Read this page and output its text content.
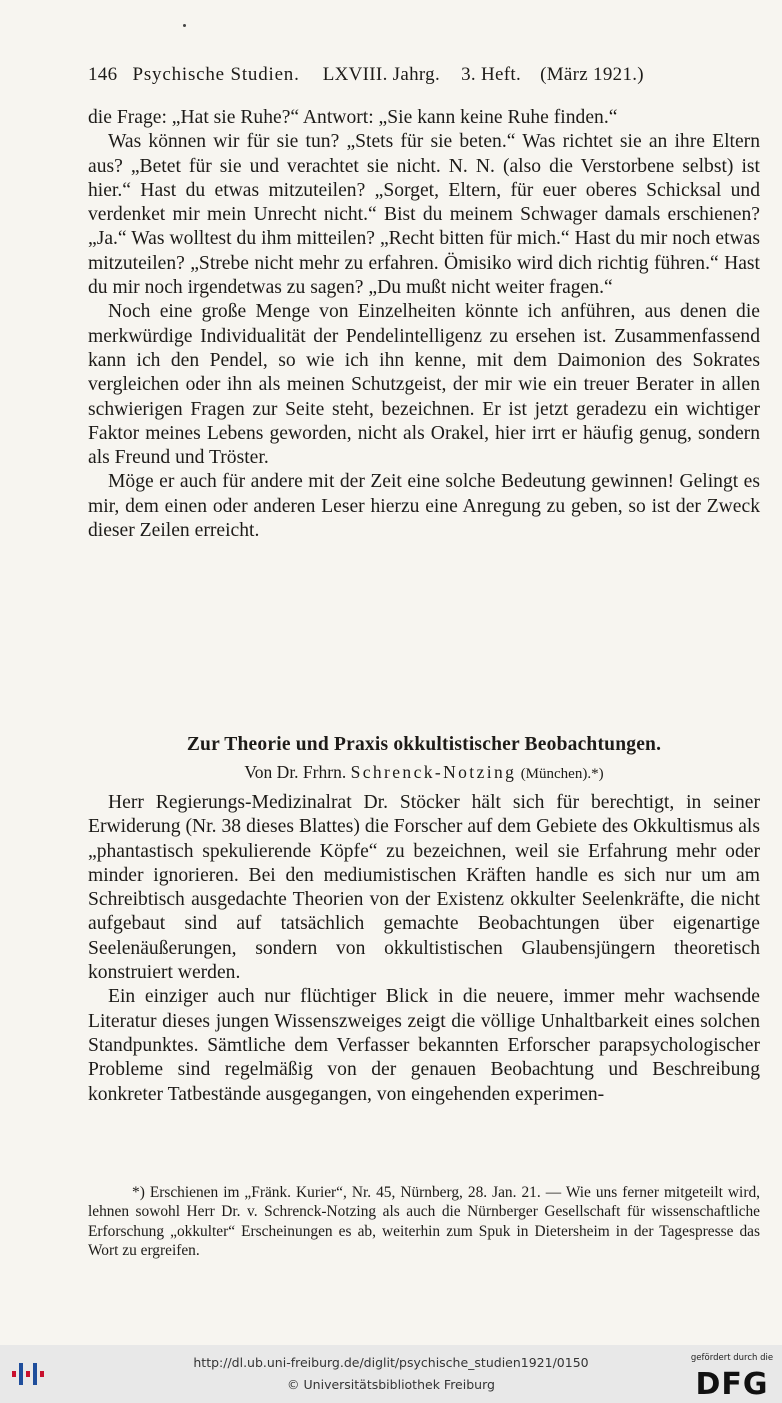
146 Psychische Studien. LXVIII. Jahrg. 3. Heft. (März 1921.)

die Frage: „Hat sie Ruhe?“ Antwort: „Sie kann keine Ruhe finden.“

Was können wir für sie tun? „Stets für sie beten.“ Was richtet sie an ihre Eltern aus? „Betet für sie und verachtet sie nicht. N. N. (also die Verstorbene selbst) ist hier.“ Hast du etwas mitzuteilen? „Sorget, Eltern, für euer oberes Schicksal und verdenket mir mein Unrecht nicht.“ Bist du meinem Schwager damals erschienen? „Ja.“ Was wolltest du ihm mitteilen? „Recht bitten für mich.“ Hast du mir noch etwas mitzuteilen? „Strebe nicht mehr zu erfahren. Ömisiko wird dich richtig führen.“ Hast du mir noch irgendetwas zu sagen? „Du mußt nicht weiter fragen.“

Noch eine große Menge von Einzelheiten könnte ich anführen, aus denen die merkwürdige Individualität der Pendelintelligenz zu ersehen ist. Zusammenfassend kann ich den Pendel, so wie ich ihn kenne, mit dem Daimonion des Sokrates vergleichen oder ihn als meinen Schutzgeist, der mir wie ein treuer Berater in allen schwierigen Fragen zur Seite steht, bezeichnen. Er ist jetzt geradezu ein wichtiger Faktor meines Lebens geworden, nicht als Orakel, hier irrt er häufig genug, sondern als Freund und Tröster.

Möge er auch für andere mit der Zeit eine solche Bedeutung gewinnen! Gelingt es mir, dem einen oder anderen Leser hierzu eine Anregung zu geben, so ist der Zweck dieser Zeilen erreicht.

Zur Theorie und Praxis okkultistischer Beobachtungen.
Von Dr. Frhrn. Schrenck-Notzing (München).*)

Herr Regierungs-Medizinalrat Dr. Stöcker hält sich für berechtigt, in seiner Erwiderung (Nr. 38 dieses Blattes) die Forscher auf dem Gebiete des Okkultismus als „phantastisch spekulierende Köpfe“ zu bezeichnen, weil sie Erfahrung mehr oder minder ignorieren. Bei den mediumistischen Kräften handle es sich nur um am Schreibtisch ausgedachte Theorien von der Existenz okkulter Seelenkräfte, die nicht aufgebaut sind auf tatsächlich gemachte Beobachtungen über eigenartige Seelenäußerungen, sondern von okkultistischen Glaubensjüngern theoretisch konstruiert werden.

Ein einziger auch nur flüchtiger Blick in die neuere, immer mehr wachsende Literatur dieses jungen Wissenszweiges zeigt die völlige Unhaltbarkeit eines solchen Standpunktes. Sämtliche dem Verfasser bekannten Erforscher parapsychologischer Probleme sind regelmäßig von der genauen Beobachtung und Beschreibung konkreter Tatbestände ausgegangen, von eingehenden experimen-

*) Erschienen im „Fränk. Kurier“, Nr. 45, Nürnberg, 28. Jan. 21. — Wie uns ferner mitgeteilt wird, lehnen sowohl Herr Dr. v. Schrenck-Notzing als auch die Nürnberger Gesellschaft für wissenschaftliche Erforschung „okkulter“ Erscheinungen es ab, weiterhin zum Spuk in Dietersheim in der Tagespresse das Wort zu ergreifen.

http://dl.ub.uni-freiburg.de/diglit/psychische_studien1921/0150
© Universitätsbibliothek Freiburg
gefördert durch die
DFG
